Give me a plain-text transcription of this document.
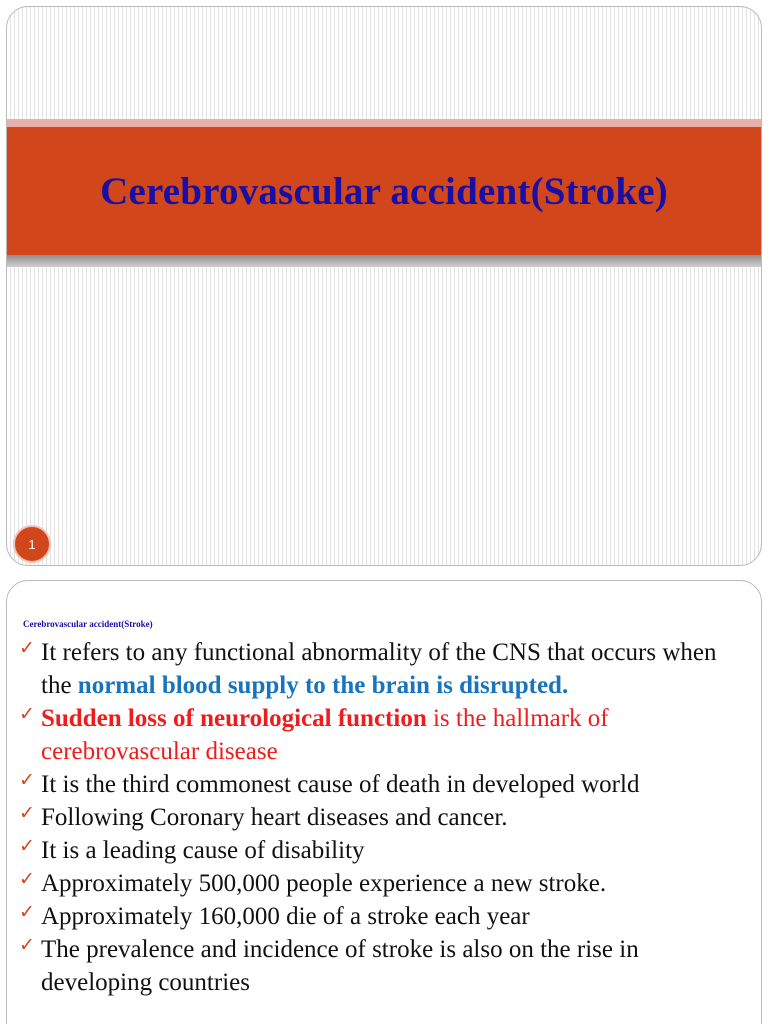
Cerebrovascular accident(Stroke)
1
Cerebrovascular accident(Stroke)
✓ It refers to any functional abnormality of the CNS that occurs when the normal blood supply to the brain is disrupted.
✓ Sudden loss of neurological function is the hallmark of cerebrovascular disease
✓ It is the third commonest cause of death in developed world
✓ Following Coronary heart diseases and cancer.
✓ It is a leading cause of disability
✓ Approximately 500,000 people experience a new stroke.
✓ Approximately 160,000 die of a stroke each year
✓ The prevalence and incidence of stroke is also on the rise in developing countries
